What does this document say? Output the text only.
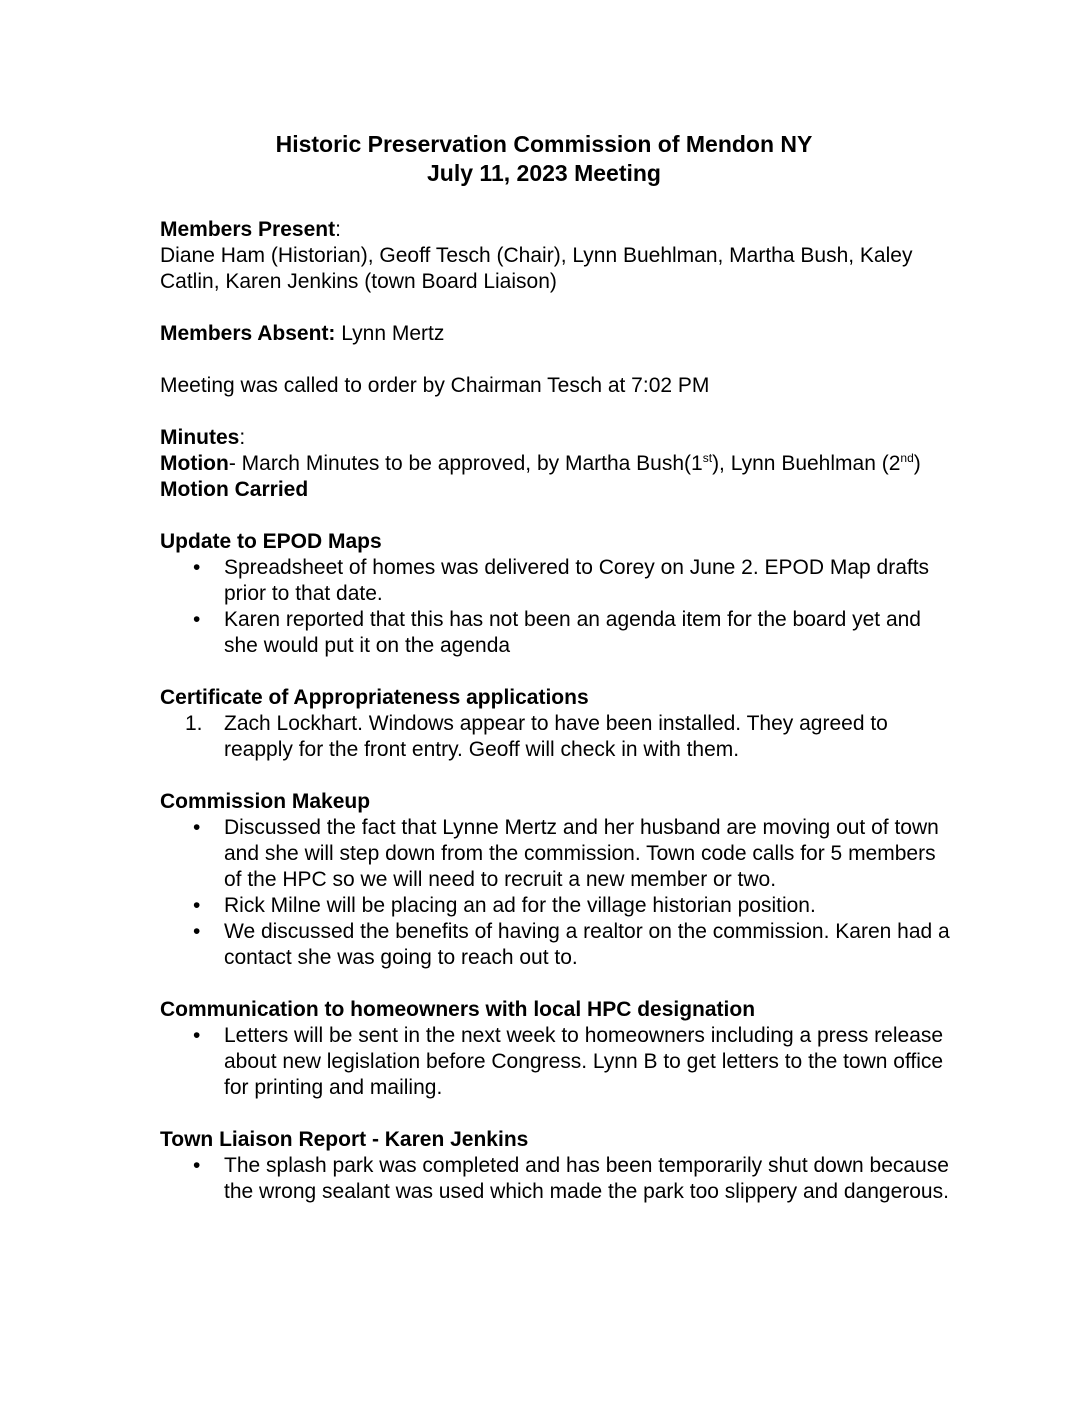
Historic Preservation Commission of Mendon NY
July 11, 2023 Meeting

Members Present:

Diane Ham (Historian), Geoff Tesch (Chair), Lynn Buehlman, Martha Bush, Kaley Catlin, Karen Jenkins (town Board Liaison)

Members Absent: Lynn Mertz

Meeting was called to order by Chairman Tesch at 7:02 PM

Minutes:

Motion- March Minutes to be approved, by Martha Bush(1st), Lynn Buehlman (2nd)

Motion Carried

Update to EPOD Maps

•	Spreadsheet of homes was delivered to Corey on June 2. EPOD Map drafts prior to that date.
•	Karen reported that this has not been an agenda item for the board yet and she would put it on the agenda

Certificate of Appropriateness applications

1.	Zach Lockhart. Windows appear to have been installed. They agreed to reapply for the front entry. Geoff will check in with them.

Commission Makeup

•	Discussed the fact that Lynne Mertz and her husband are moving out of town and she will step down from the commission. Town code calls for 5 members of the HPC so we will need to recruit a new member or two.
•	Rick Milne will be placing an ad for the village historian position.
•	We discussed the benefits of having a realtor on the commission. Karen had a contact she was going to reach out to.

Communication to homeowners with local HPC designation

•	Letters will be sent in the next week to homeowners including a press release about new legislation before Congress. Lynn B to get letters to the town office for printing and mailing.

Town Liaison Report - Karen Jenkins

•	The splash park was completed and has been temporarily shut down because the wrong sealant was used which made the park too slippery and dangerous.
